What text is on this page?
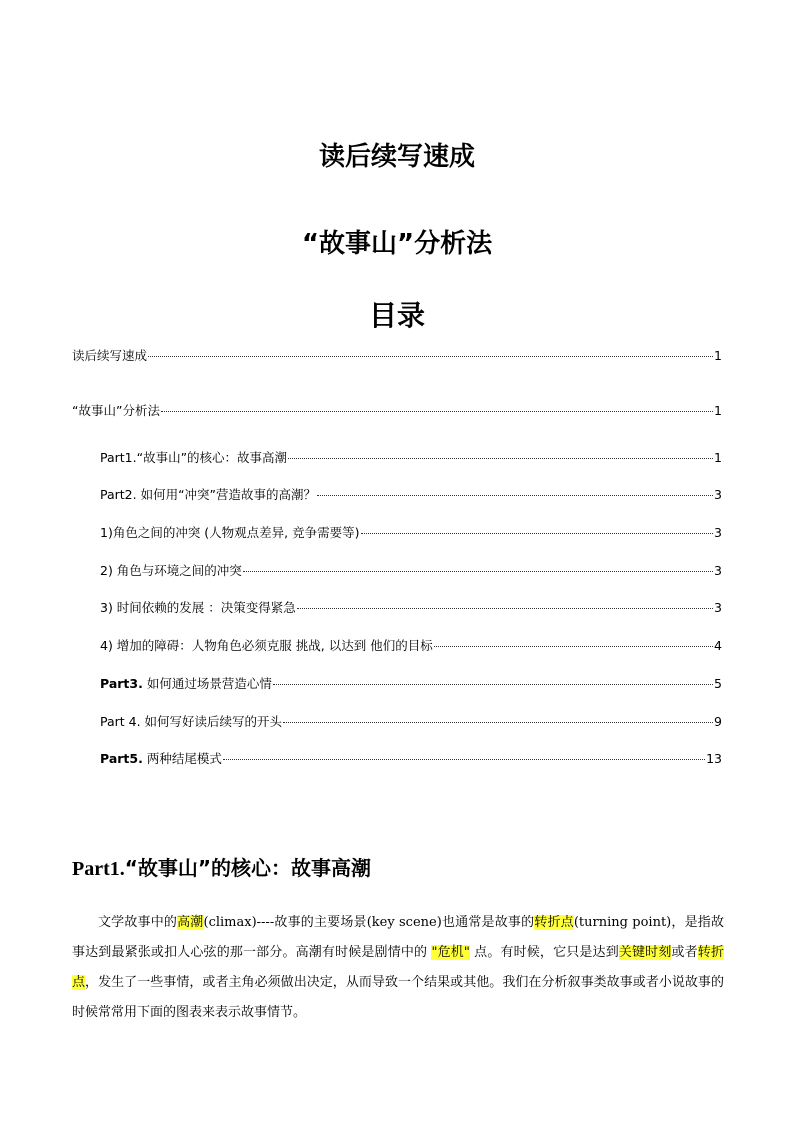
读后续写速成
“故事山”分析法
目录
读后续写速成	1
“故事山”分析法	1
Part1.“故事山”的核心：故事高潮	1
Part2. 如何用“冲突”营造故事的高潮？	3
1)角色之间的冲突 (人物观点差异, 竞争需要等)	3
2) 角色与环境之间的冲突	3
3) 时间依赖的发展 ：决策变得紧急	3
4) 增加的障碍：人物角色必须克服 挑战, 以达到 他们的目标	4
Part3. 如何通过场景营造心情	5
Part 4. 如何写好读后续写的开头	9
Part5. 两种结尾模式	13
Part1.“故事山”的核心：故事高潮

文学故事中的高潮(climax)----故事的主要场景(key scene)也通常是故事的转折点(turning point)，是指故事达到最紧张或扣人心弦的那一部分。高潮有时候是剧情中的 "危机" 点。有时候，它只是达到关键时刻或者转折点，发生了一些事情，或者主角必须做出决定，从而导致一个结果或其他。我们在分析叙事类故事或者小说故事的时候常常用下面的图表来表示故事情节。
